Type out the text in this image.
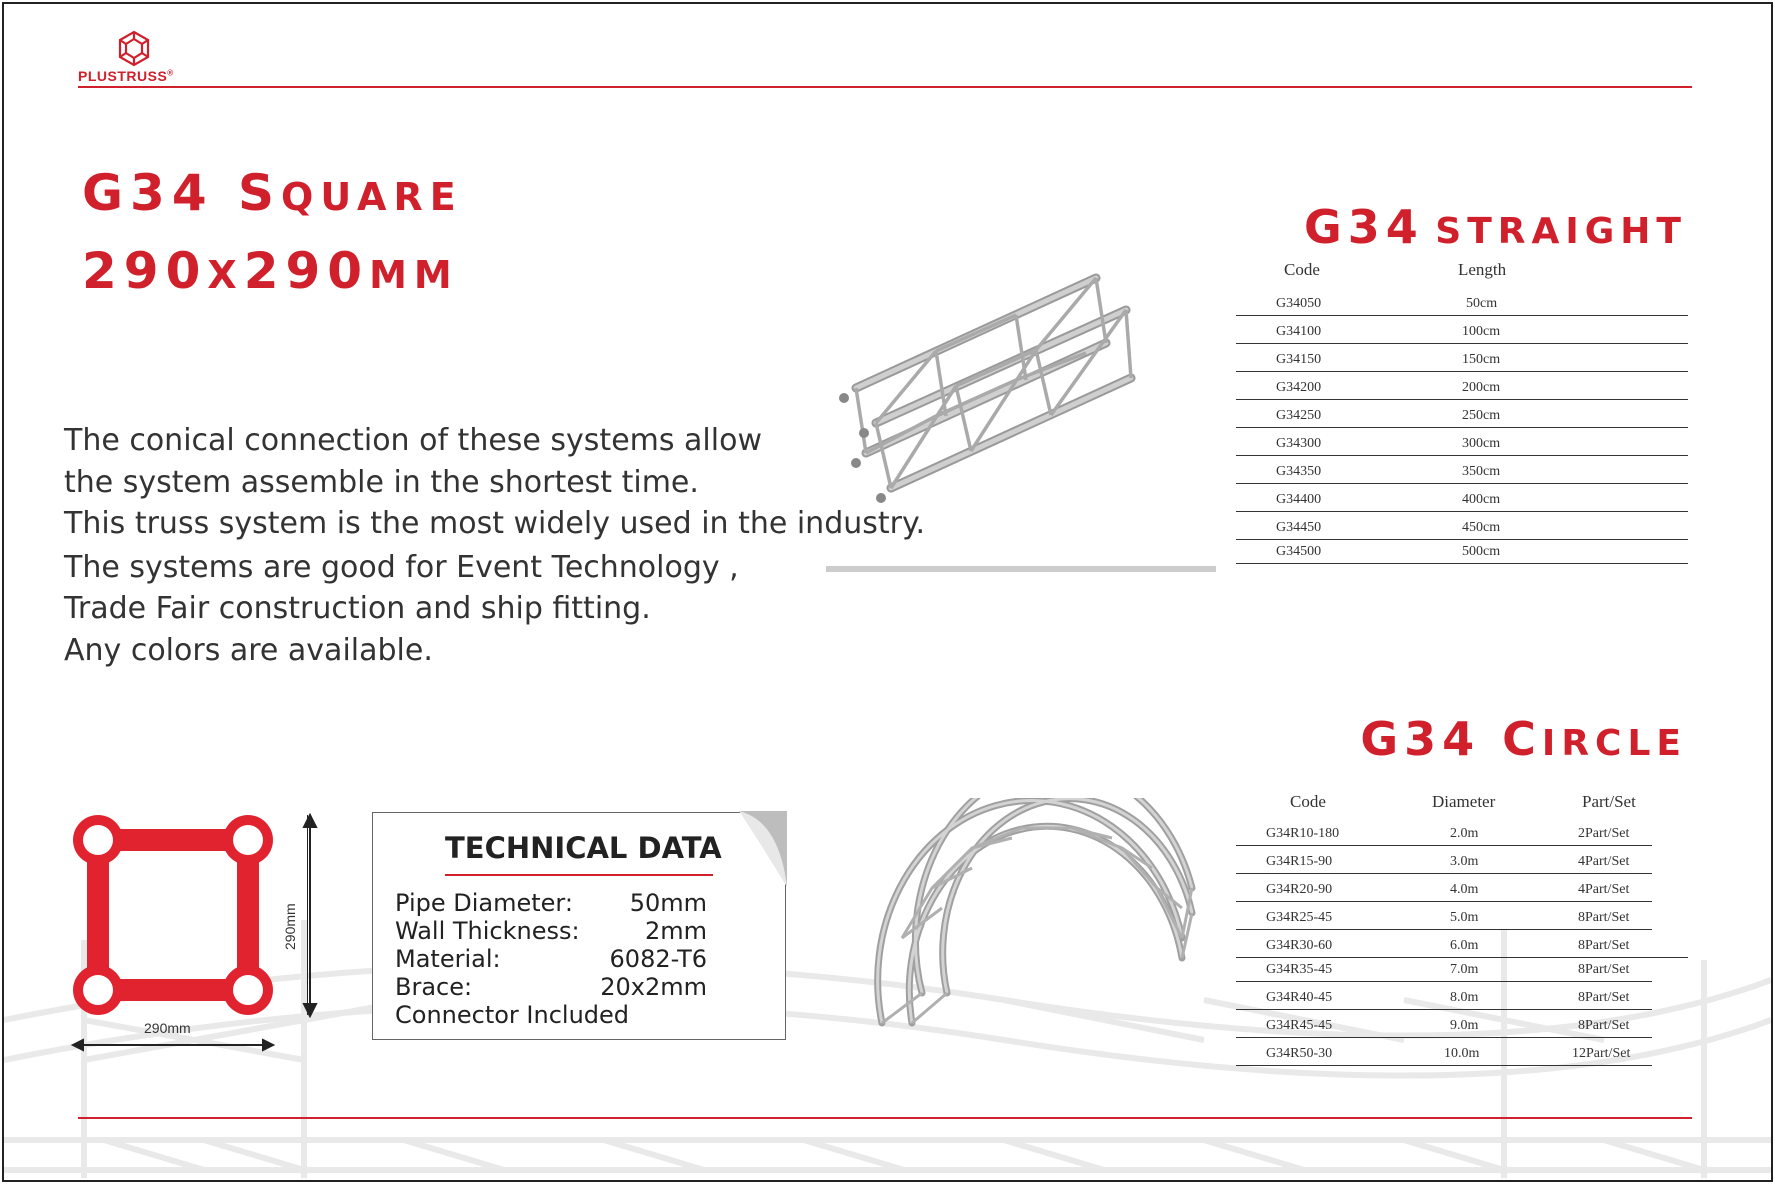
PLUSTRUSS®
G34 SQUARE
290X290MM
The conical connection of these systems allow
the system assemble in the shortest time.
This truss system is the most widely used in the industry.
The systems are good for Event Technology ,
Trade Fair construction and ship fitting.
Any colors are available.
G34 STRAIGHT
Code	Length
G34050	50cm
G34100	100cm
G34150	150cm
G34200	200cm
G34250	250cm
G34300	300cm
G34350	350cm
G34400	400cm
G34450	450cm
G34500	500cm
G34 CIRCLE
Code	Diameter	Part/Set
G34R10-180	2.0m	2Part/Set
G34R15-90	3.0m	4Part/Set
G34R20-90	4.0m	4Part/Set
G34R25-45	5.0m	8Part/Set
G34R30-60	6.0m	8Part/Set
G34R35-45	7.0m	8Part/Set
G34R40-45	8.0m	8Part/Set
G34R45-45	9.0m	8Part/Set
G34R50-30	10.0m	12Part/Set
290mm
290mm
TECHNICAL DATA
Pipe Diameter: 50mm
Wall Thickness:	2mm
Material:	6082-T6
Brace:	20x2mm
Connector Included
